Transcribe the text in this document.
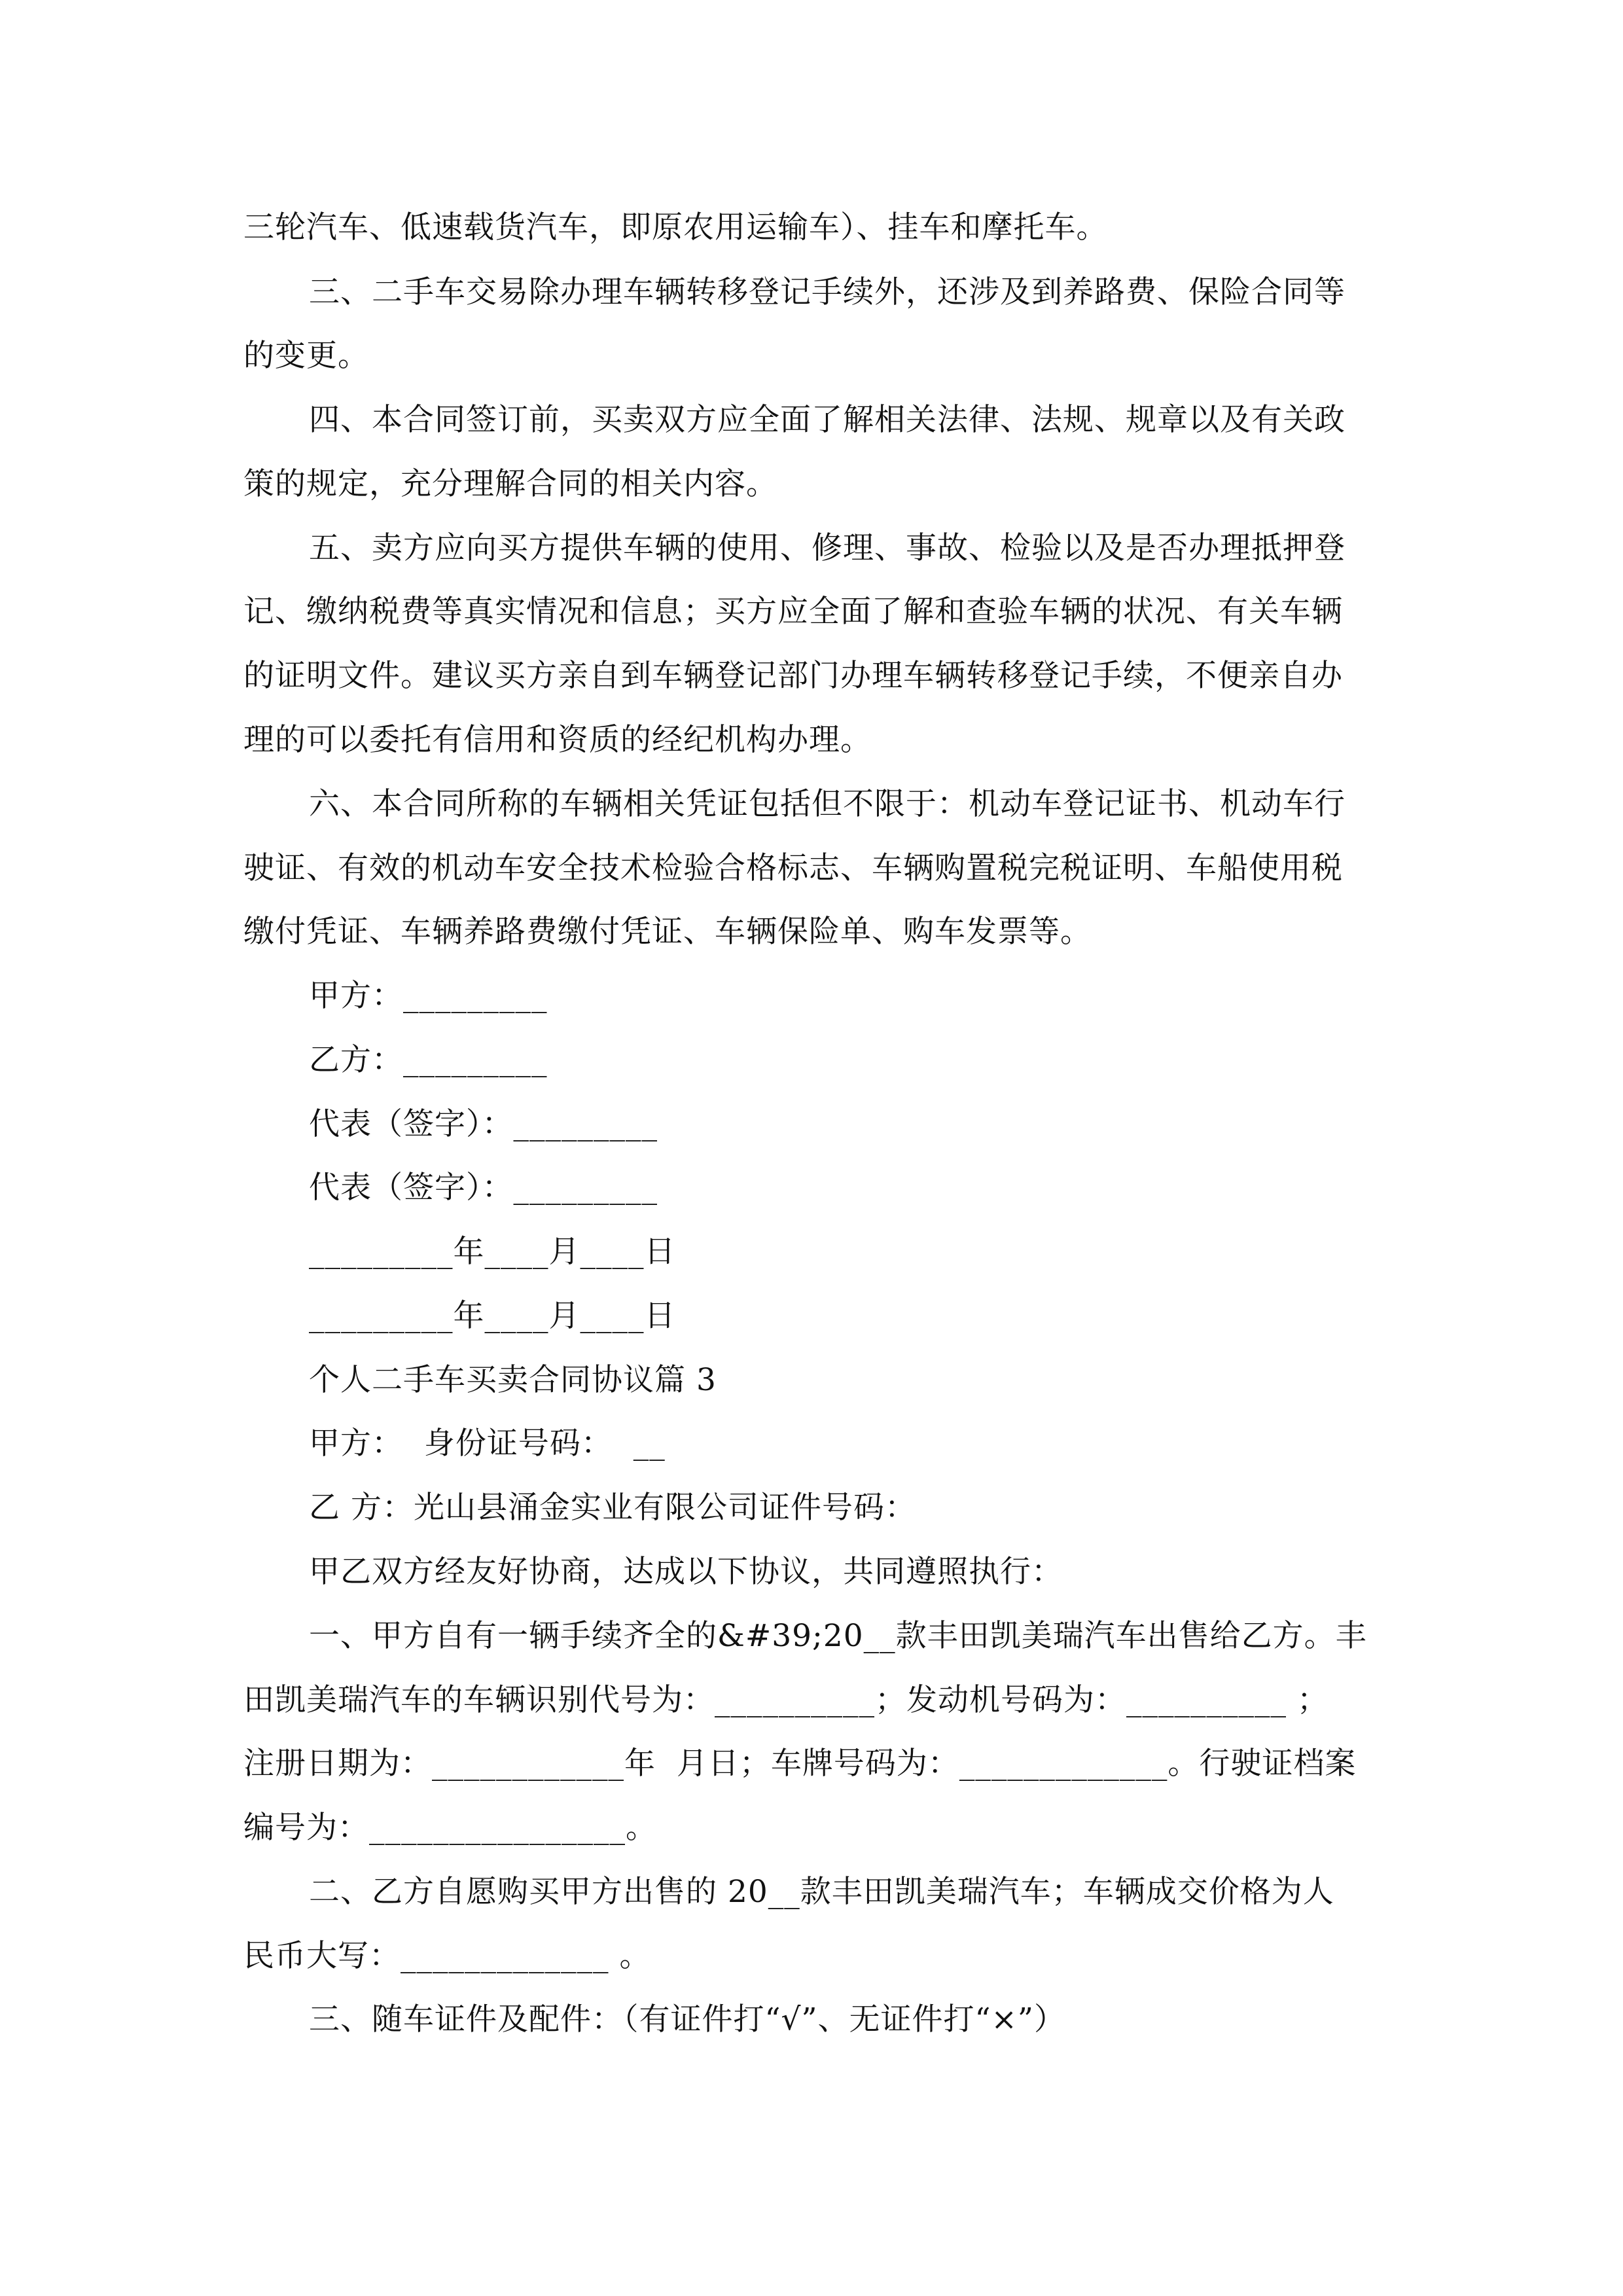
三轮汽车、低速载货汽车，即原农用运输车）、挂车和摩托车。
三、二手车交易除办理车辆转移登记手续外，还涉及到养路费、保险合同等
的变更。
四、本合同签订前，买卖双方应全面了解相关法律、法规、规章以及有关政
策的规定，充分理解合同的相关内容。
五、卖方应向买方提供车辆的使用、修理、事故、检验以及是否办理抵押登
记、缴纳税费等真实情况和信息；买方应全面了解和查验车辆的状况、有关车辆
的证明文件。建议买方亲自到车辆登记部门办理车辆转移登记手续，不便亲自办
理的可以委托有信用和资质的经纪机构办理。
六、本合同所称的车辆相关凭证包括但不限于：机动车登记证书、机动车行
驶证、有效的机动车安全技术检验合格标志、车辆购置税完税证明、车船使用税
缴付凭证、车辆养路费缴付凭证、车辆保险单、购车发票等。
甲方：_________
乙方：_________
代表（签字）：_________
代表（签字）：_________
_________年____月____日
_________年____月____日
个人二手车买卖合同协议篇 3
甲方：  身份证号码：  __
乙 方：光山县涌金实业有限公司证件号码：
甲乙双方经友好协商，达成以下协议，共同遵照执行：
一、甲方自有一辆手续齐全的&#39;20__款丰田凯美瑞汽车出售给乙方。丰
田凯美瑞汽车的车辆识别代号为：__________；发动机号码为：__________ ；
注册日期为：____________年  月日；车牌号码为：_____________。行驶证档案
编号为：________________。
二、乙方自愿购买甲方出售的 20__款丰田凯美瑞汽车；车辆成交价格为人
民币大写：_____________ 。
三、随车证件及配件：（有证件打“√”、无证件打“×”）
